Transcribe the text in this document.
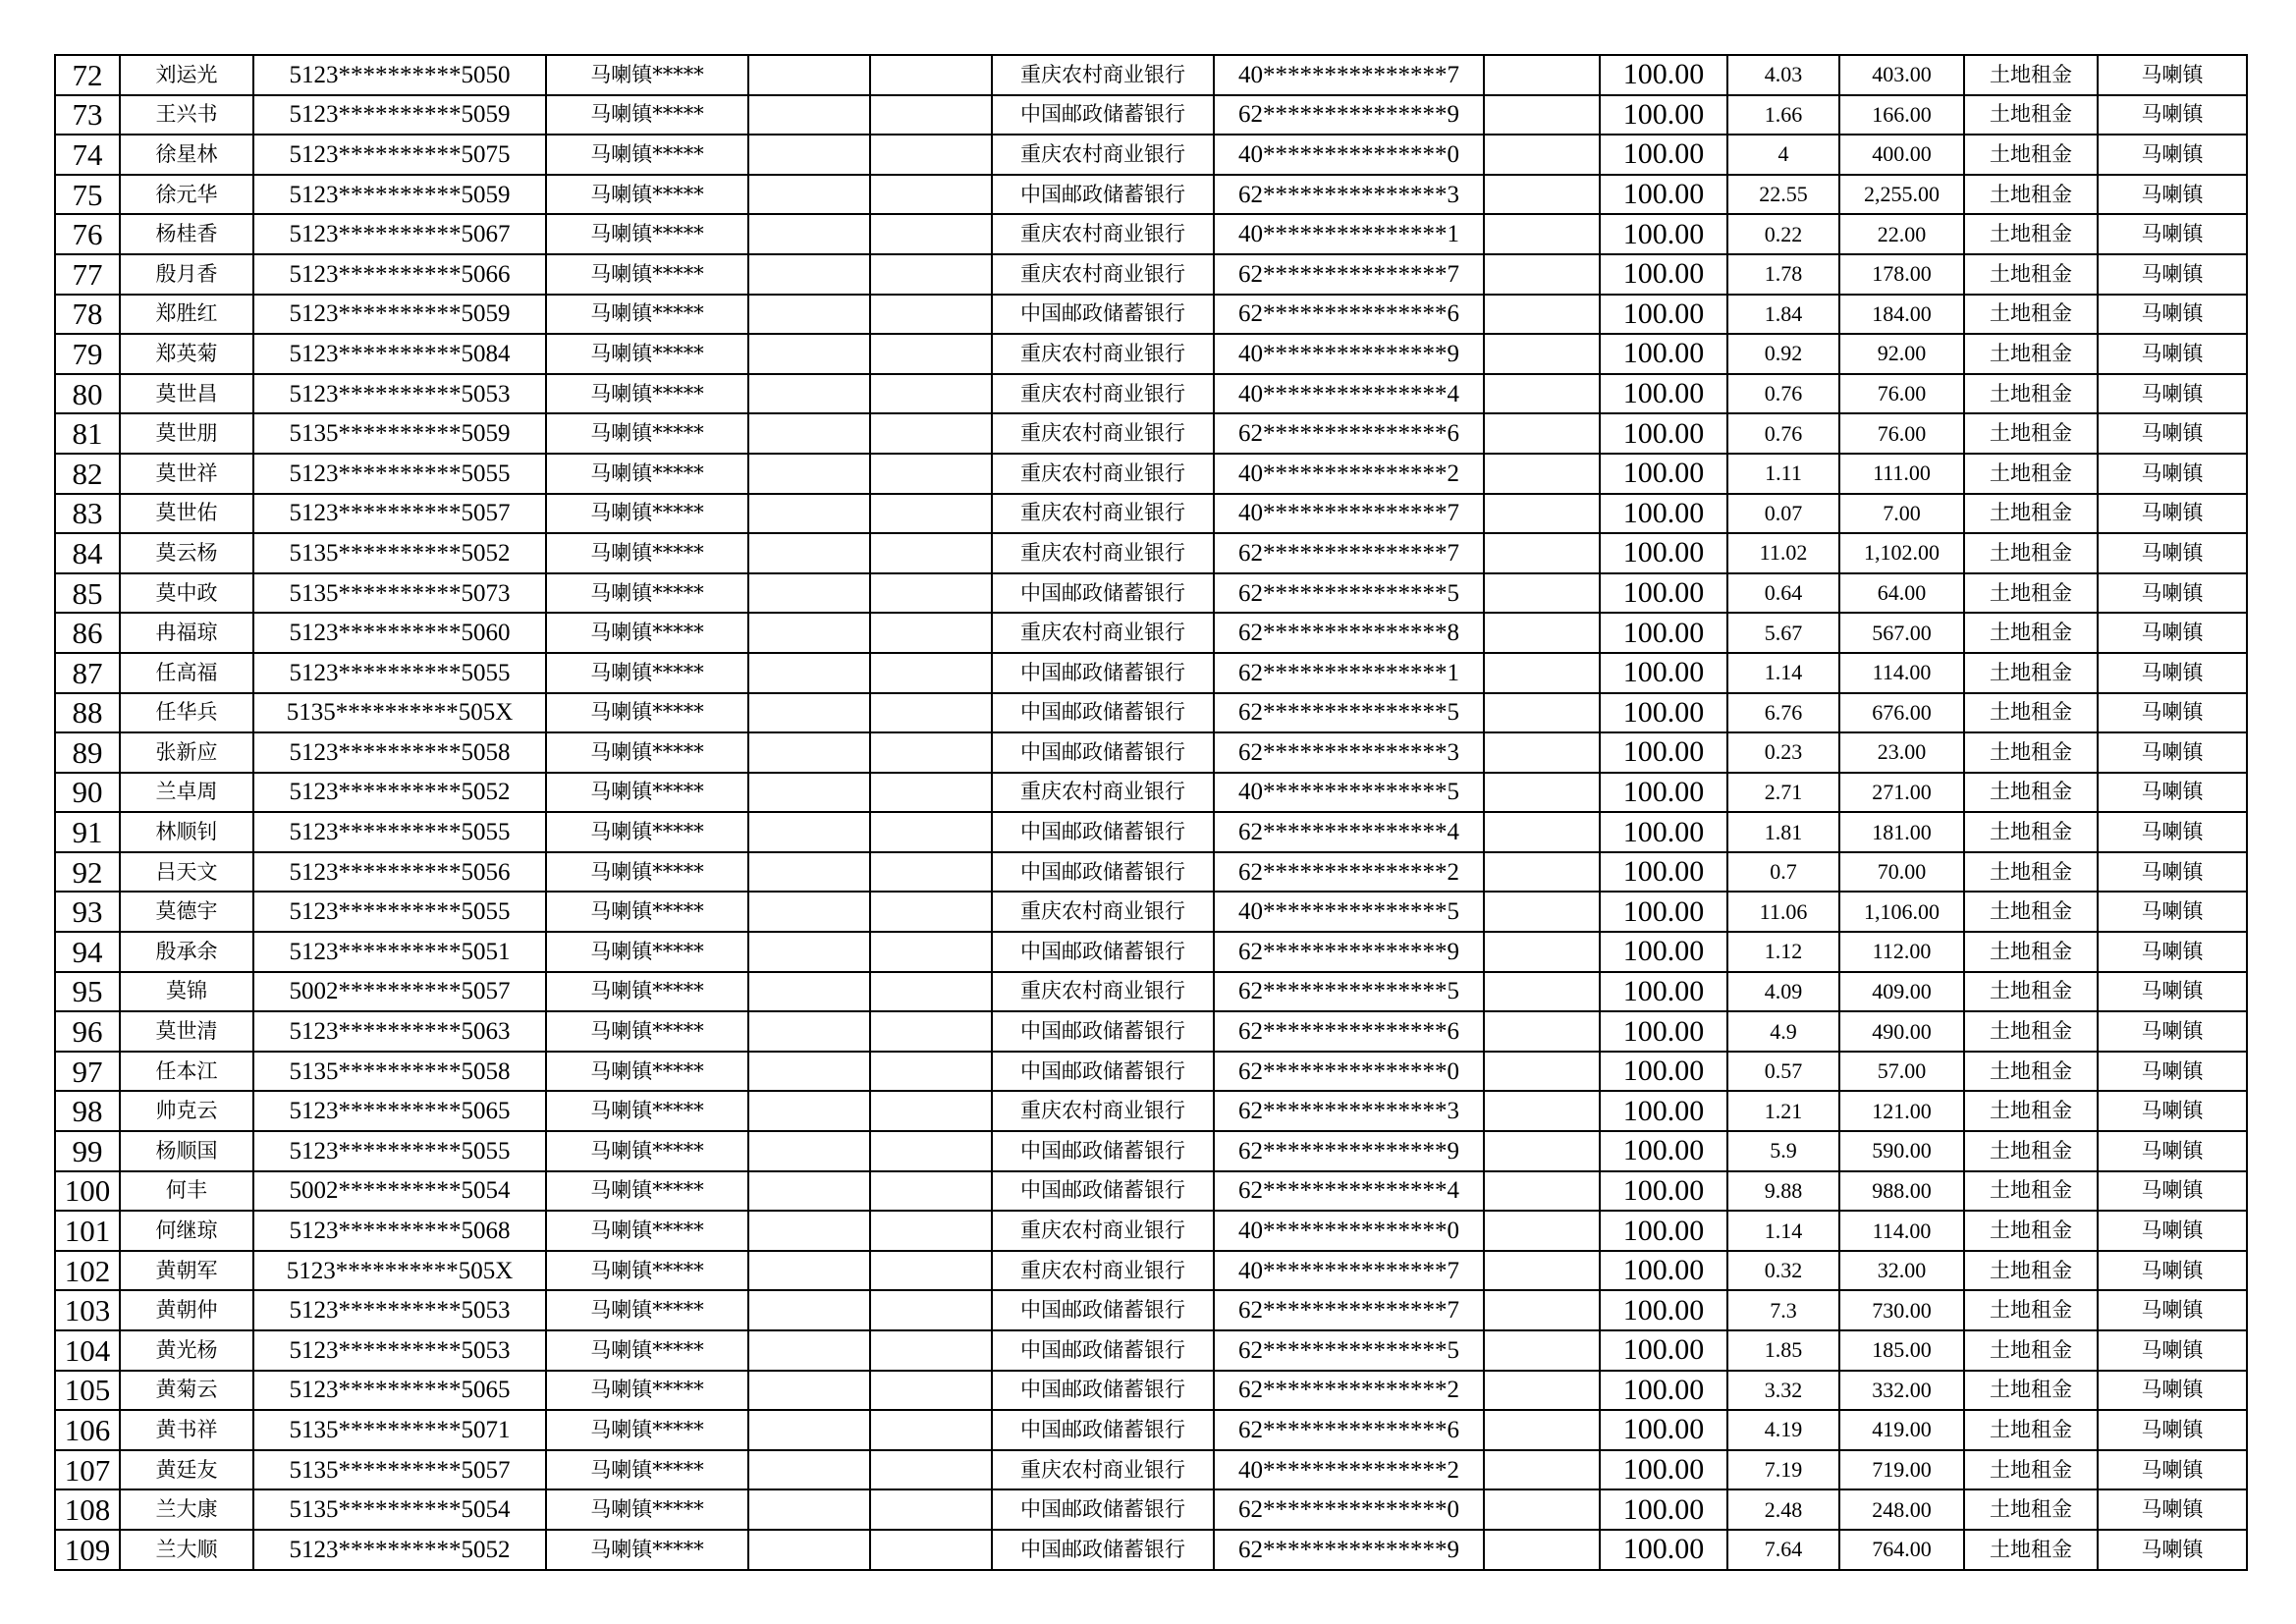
72	刘运光	5123**********5050	马喇镇*****			重庆农村商业银行	40***************7		100.00	4.03	403.00	土地租金	马喇镇
73	王兴书	5123**********5059	马喇镇*****			中国邮政储蓄银行	62***************9		100.00	1.66	166.00	土地租金	马喇镇
74	徐星林	5123**********5075	马喇镇*****			重庆农村商业银行	40***************0		100.00	4	400.00	土地租金	马喇镇
75	徐元华	5123**********5059	马喇镇*****			中国邮政储蓄银行	62***************3		100.00	22.55	2,255.00	土地租金	马喇镇
76	杨桂香	5123**********5067	马喇镇*****			重庆农村商业银行	40***************1		100.00	0.22	22.00	土地租金	马喇镇
77	殷月香	5123**********5066	马喇镇*****			重庆农村商业银行	62***************7		100.00	1.78	178.00	土地租金	马喇镇
78	郑胜红	5123**********5059	马喇镇*****			中国邮政储蓄银行	62***************6		100.00	1.84	184.00	土地租金	马喇镇
79	郑英菊	5123**********5084	马喇镇*****			重庆农村商业银行	40***************9		100.00	0.92	92.00	土地租金	马喇镇
80	莫世昌	5123**********5053	马喇镇*****			重庆农村商业银行	40***************4		100.00	0.76	76.00	土地租金	马喇镇
81	莫世朋	5135**********5059	马喇镇*****			重庆农村商业银行	62***************6		100.00	0.76	76.00	土地租金	马喇镇
82	莫世祥	5123**********5055	马喇镇*****			重庆农村商业银行	40***************2		100.00	1.11	111.00	土地租金	马喇镇
83	莫世佑	5123**********5057	马喇镇*****			重庆农村商业银行	40***************7		100.00	0.07	7.00	土地租金	马喇镇
84	莫云杨	5135**********5052	马喇镇*****			重庆农村商业银行	62***************7		100.00	11.02	1,102.00	土地租金	马喇镇
85	莫中政	5135**********5073	马喇镇*****			中国邮政储蓄银行	62***************5		100.00	0.64	64.00	土地租金	马喇镇
86	冉福琼	5123**********5060	马喇镇*****			重庆农村商业银行	62***************8		100.00	5.67	567.00	土地租金	马喇镇
87	任高福	5123**********5055	马喇镇*****			中国邮政储蓄银行	62***************1		100.00	1.14	114.00	土地租金	马喇镇
88	任华兵	5135**********505X	马喇镇*****			中国邮政储蓄银行	62***************5		100.00	6.76	676.00	土地租金	马喇镇
89	张新应	5123**********5058	马喇镇*****			中国邮政储蓄银行	62***************3		100.00	0.23	23.00	土地租金	马喇镇
90	兰卓周	5123**********5052	马喇镇*****			重庆农村商业银行	40***************5		100.00	2.71	271.00	土地租金	马喇镇
91	林顺钊	5123**********5055	马喇镇*****			中国邮政储蓄银行	62***************4		100.00	1.81	181.00	土地租金	马喇镇
92	吕天文	5123**********5056	马喇镇*****			中国邮政储蓄银行	62***************2		100.00	0.7	70.00	土地租金	马喇镇
93	莫德宇	5123**********5055	马喇镇*****			重庆农村商业银行	40***************5		100.00	11.06	1,106.00	土地租金	马喇镇
94	殷承余	5123**********5051	马喇镇*****			中国邮政储蓄银行	62***************9		100.00	1.12	112.00	土地租金	马喇镇
95	莫锦	5002**********5057	马喇镇*****			重庆农村商业银行	62***************5		100.00	4.09	409.00	土地租金	马喇镇
96	莫世清	5123**********5063	马喇镇*****			中国邮政储蓄银行	62***************6		100.00	4.9	490.00	土地租金	马喇镇
97	任本江	5135**********5058	马喇镇*****			中国邮政储蓄银行	62***************0		100.00	0.57	57.00	土地租金	马喇镇
98	帅克云	5123**********5065	马喇镇*****			重庆农村商业银行	62***************3		100.00	1.21	121.00	土地租金	马喇镇
99	杨顺国	5123**********5055	马喇镇*****			中国邮政储蓄银行	62***************9		100.00	5.9	590.00	土地租金	马喇镇
100	何丰	5002**********5054	马喇镇*****			中国邮政储蓄银行	62***************4		100.00	9.88	988.00	土地租金	马喇镇
101	何继琼	5123**********5068	马喇镇*****			重庆农村商业银行	40***************0		100.00	1.14	114.00	土地租金	马喇镇
102	黄朝军	5123**********505X	马喇镇*****			重庆农村商业银行	40***************7		100.00	0.32	32.00	土地租金	马喇镇
103	黄朝仲	5123**********5053	马喇镇*****			中国邮政储蓄银行	62***************7		100.00	7.3	730.00	土地租金	马喇镇
104	黄光杨	5123**********5053	马喇镇*****			中国邮政储蓄银行	62***************5		100.00	1.85	185.00	土地租金	马喇镇
105	黄菊云	5123**********5065	马喇镇*****			中国邮政储蓄银行	62***************2		100.00	3.32	332.00	土地租金	马喇镇
106	黄书祥	5135**********5071	马喇镇*****			中国邮政储蓄银行	62***************6		100.00	4.19	419.00	土地租金	马喇镇
107	黄廷友	5135**********5057	马喇镇*****			重庆农村商业银行	40***************2		100.00	7.19	719.00	土地租金	马喇镇
108	兰大康	5135**********5054	马喇镇*****			中国邮政储蓄银行	62***************0		100.00	2.48	248.00	土地租金	马喇镇
109	兰大顺	5123**********5052	马喇镇*****			中国邮政储蓄银行	62***************9		100.00	7.64	764.00	土地租金	马喇镇
